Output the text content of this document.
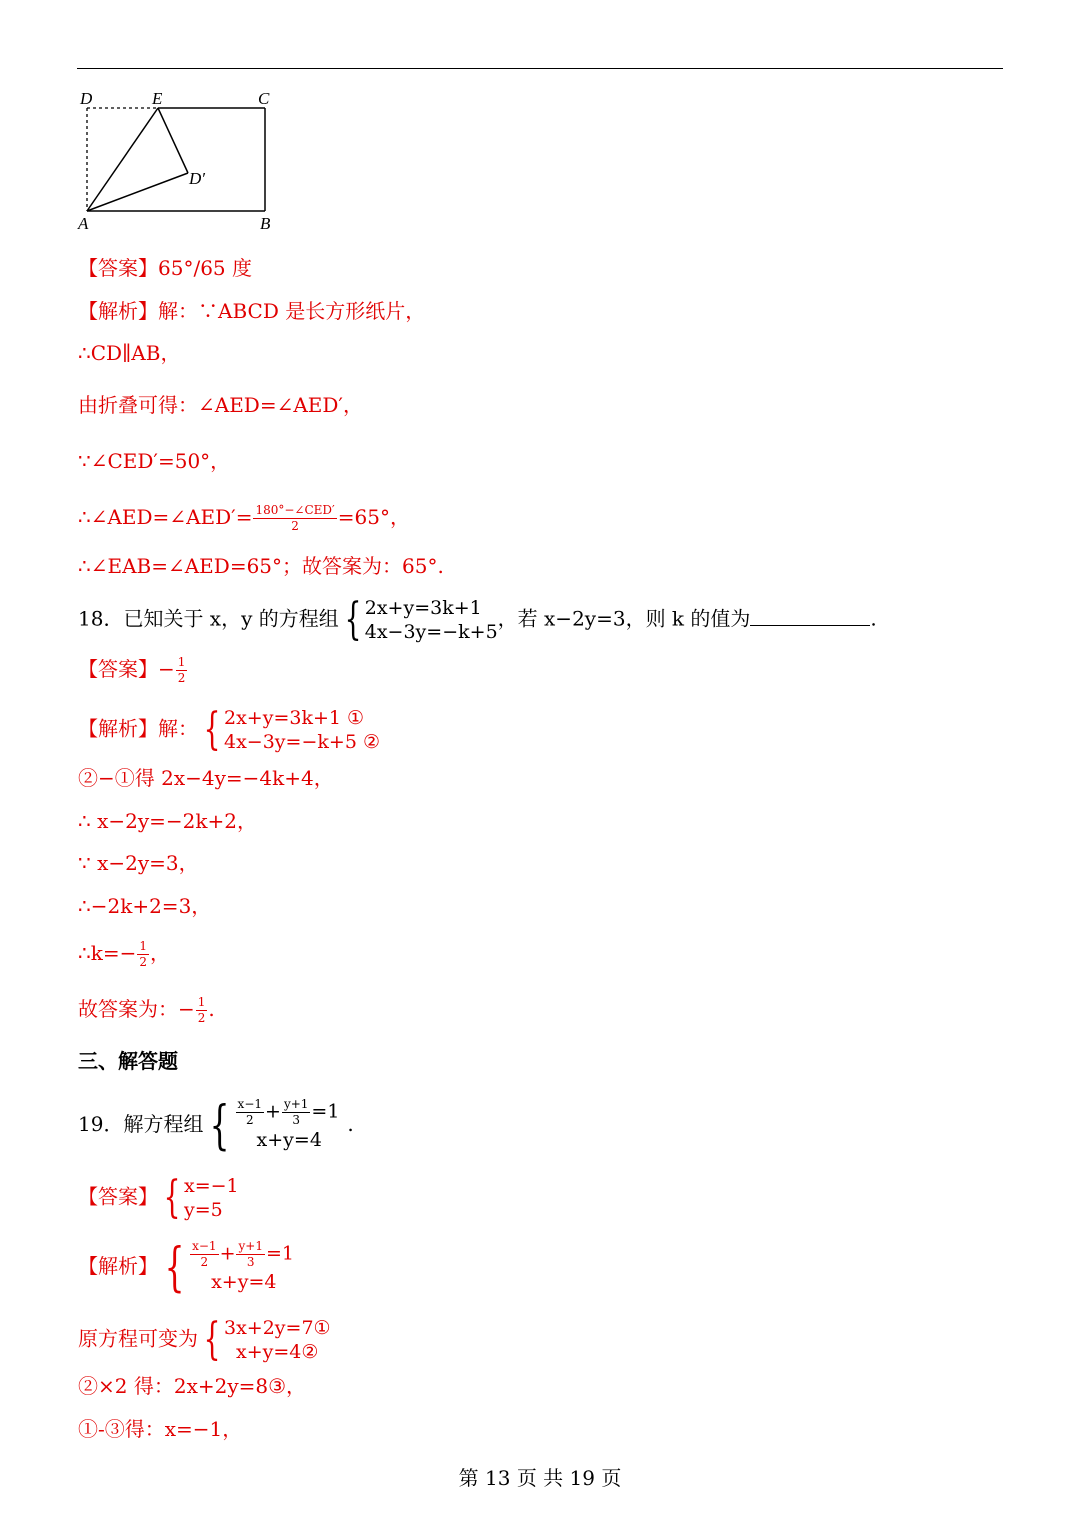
D	E	C
D′
A	B
【答案】65°/65 度
【解析】解：∵ABCD 是长方形纸片，
∴CD∥AB，
由折叠可得：∠AED=∠AED′，
∵∠CED′=50°，
∴∠AED=∠AED′= $\frac{\text{180°−∠CED′}}{2} =65^\circ$，
∴∠EAB=∠AED=65°；故答案为：65°.
18．已知关于 x，y 的方程组 { 2x+y=3k+1
4x−3y=−k+5
，若 x−2y=3，则 k 的值为	.
【答案】− $\frac{1}{2}$
【解析】解： { 2x+y=3k+1 ①
4x−3y=−k+5 ②
②−①得 2x−4y=−4k+4，
∴ x−2y=−2k+2，
∵ x−2y=3，
∴−2k+2=3，
∴k=− $\frac{1}{2}$ ，
故答案为：− $\frac{1}{2}$ .
三、解答题
19．解方程组 { $\frac{x-1}{2} + \frac{y+1}{3} =1$
x+y=4
.
【答案】 { x=−1
y=5
【解析】 { $\frac{x-1}{2} + \frac{y+1}{3} =1$
x+y=4
原方程可变为 { 3x+2y=7①
x+y=4②
②×2 得：2x+2y=8③，
①-③得：x=−1，
第 13 页 共 19 页
